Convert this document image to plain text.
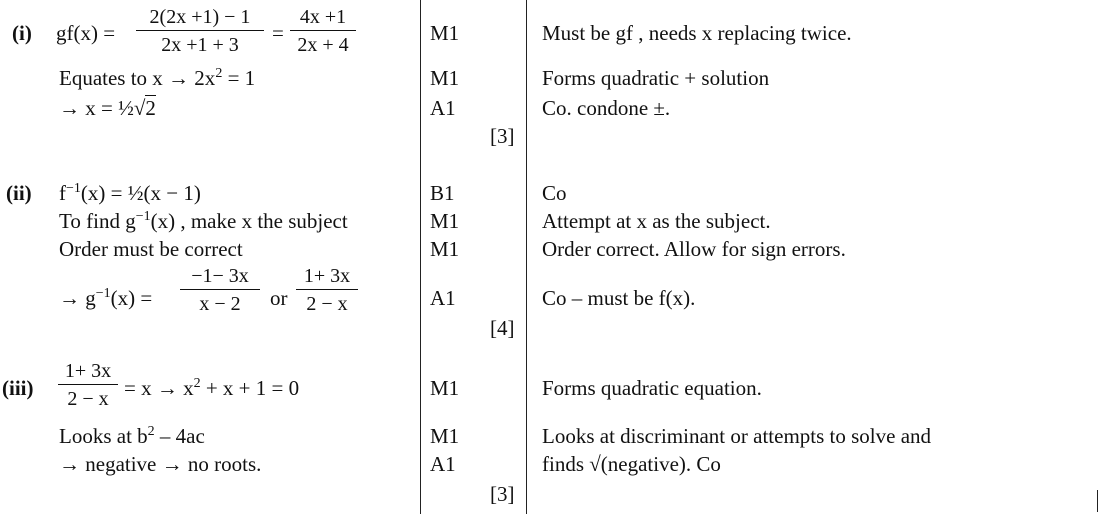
(i) $gf(x) = \frac{2(2x +1) - 1}{2x +1 + 3} = \frac{4x +1}{2x + 4}$
Equates to $x \to 2x^2 = 1$
→ x = ½√2
M1
M1
A1
[3]
Must be gf , needs x replacing twice.
Forms quadratic + solution
Co. condone ±.
(ii) $f^{-1}(x)$ = ½(x − 1)
To find $g^{-1}(x)$ , make x the subject
Order must be correct
→ $g^{-1}(x) = \frac{-1- 3x}{x - 2}$ or $\frac{1+ 3x}{2 - x}$
B1
M1
M1
A1
[4]
Co
Attempt at x as the subject.
Order correct. Allow for sign errors.
Co – must be f(x).
$(iii) \frac{1+ 3x}{2 - x} = x \to x^2 + x + 1 = 0$
Looks at $b^2 - 4ac$
→ negative → no roots.
M1
M1
A1
[3]
Forms quadratic equation.
Looks at discriminant or attempts to solve and
finds √(negative). Co
